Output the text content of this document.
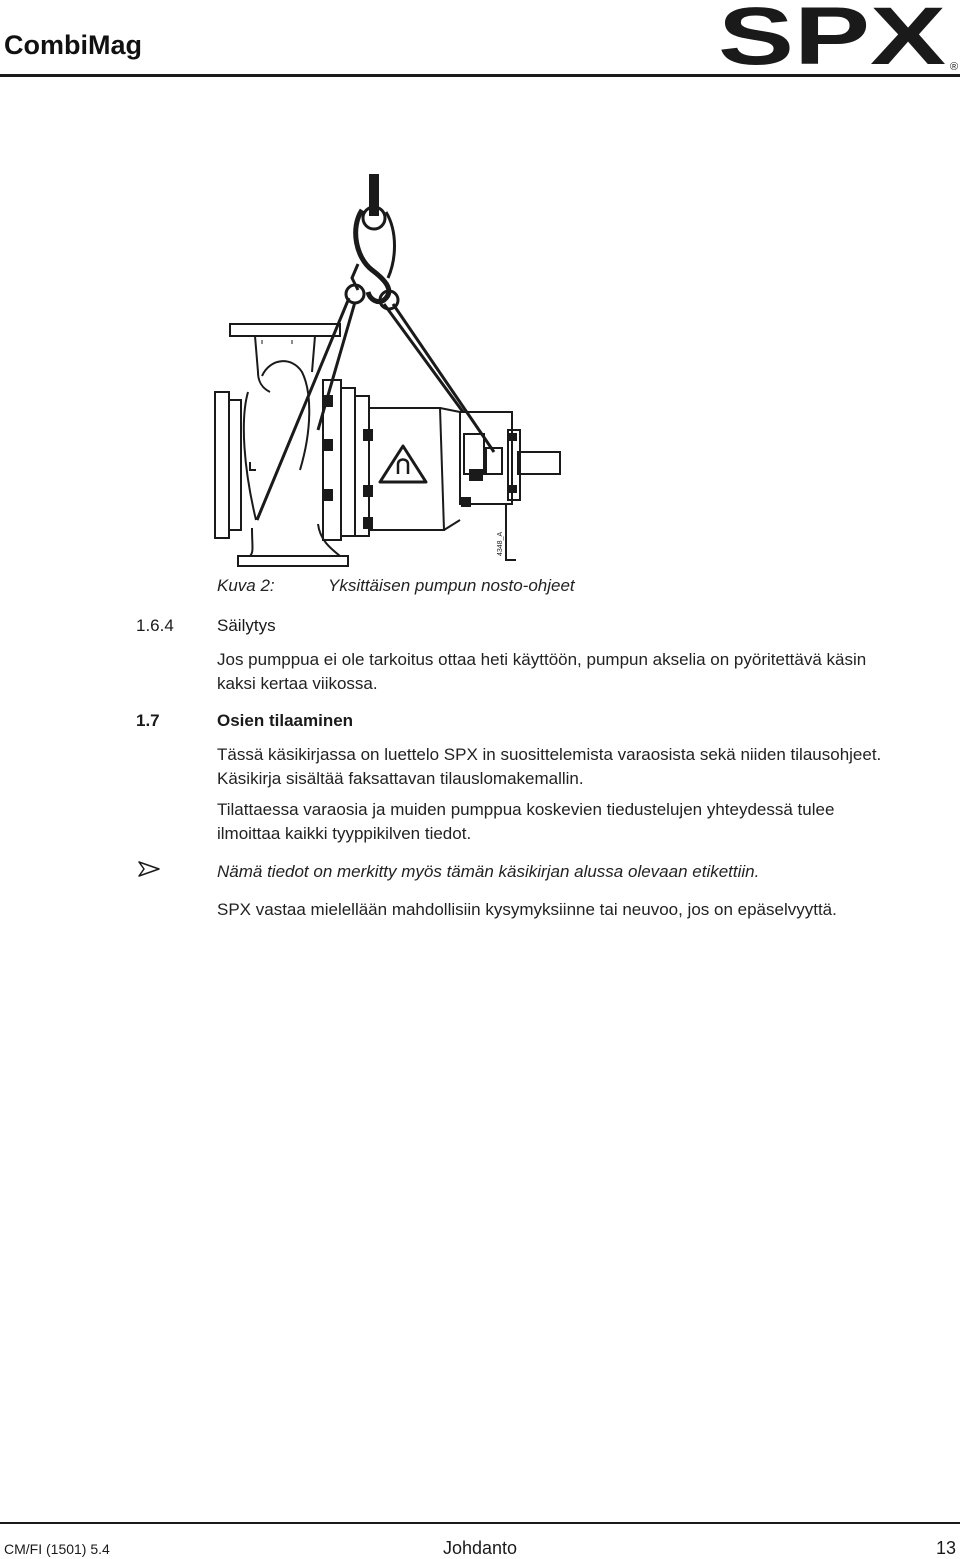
CombiMag	SPX ®
4348_A
Kuva 2:	Yksittäisen pumpun nosto-ohjeet
1.6.4	Säilytys
Jos pumppua ei ole tarkoitus ottaa heti käyttöön, pumpun akselia on pyöritettävä käsin
kaksi kertaa viikossa.
1.7	Osien tilaaminen
Tässä käsikirjassa on luettelo SPX in suosittelemista varaosista sekä niiden tilausohjeet.
Käsikirja sisältää faksattavan tilauslomakemallin.
Tilattaessa varaosia ja muiden pumppua koskevien tiedustelujen yhteydessä tulee
ilmoittaa kaikki tyyppikilven tiedot.
Nämä tiedot on merkitty myös tämän käsikirjan alussa olevaan etikettiin.
SPX vastaa mielellään mahdollisiin kysymyksiinne tai neuvoo, jos on epäselvyyttä.
CM/FI (1501) 5.4	Johdanto	13
